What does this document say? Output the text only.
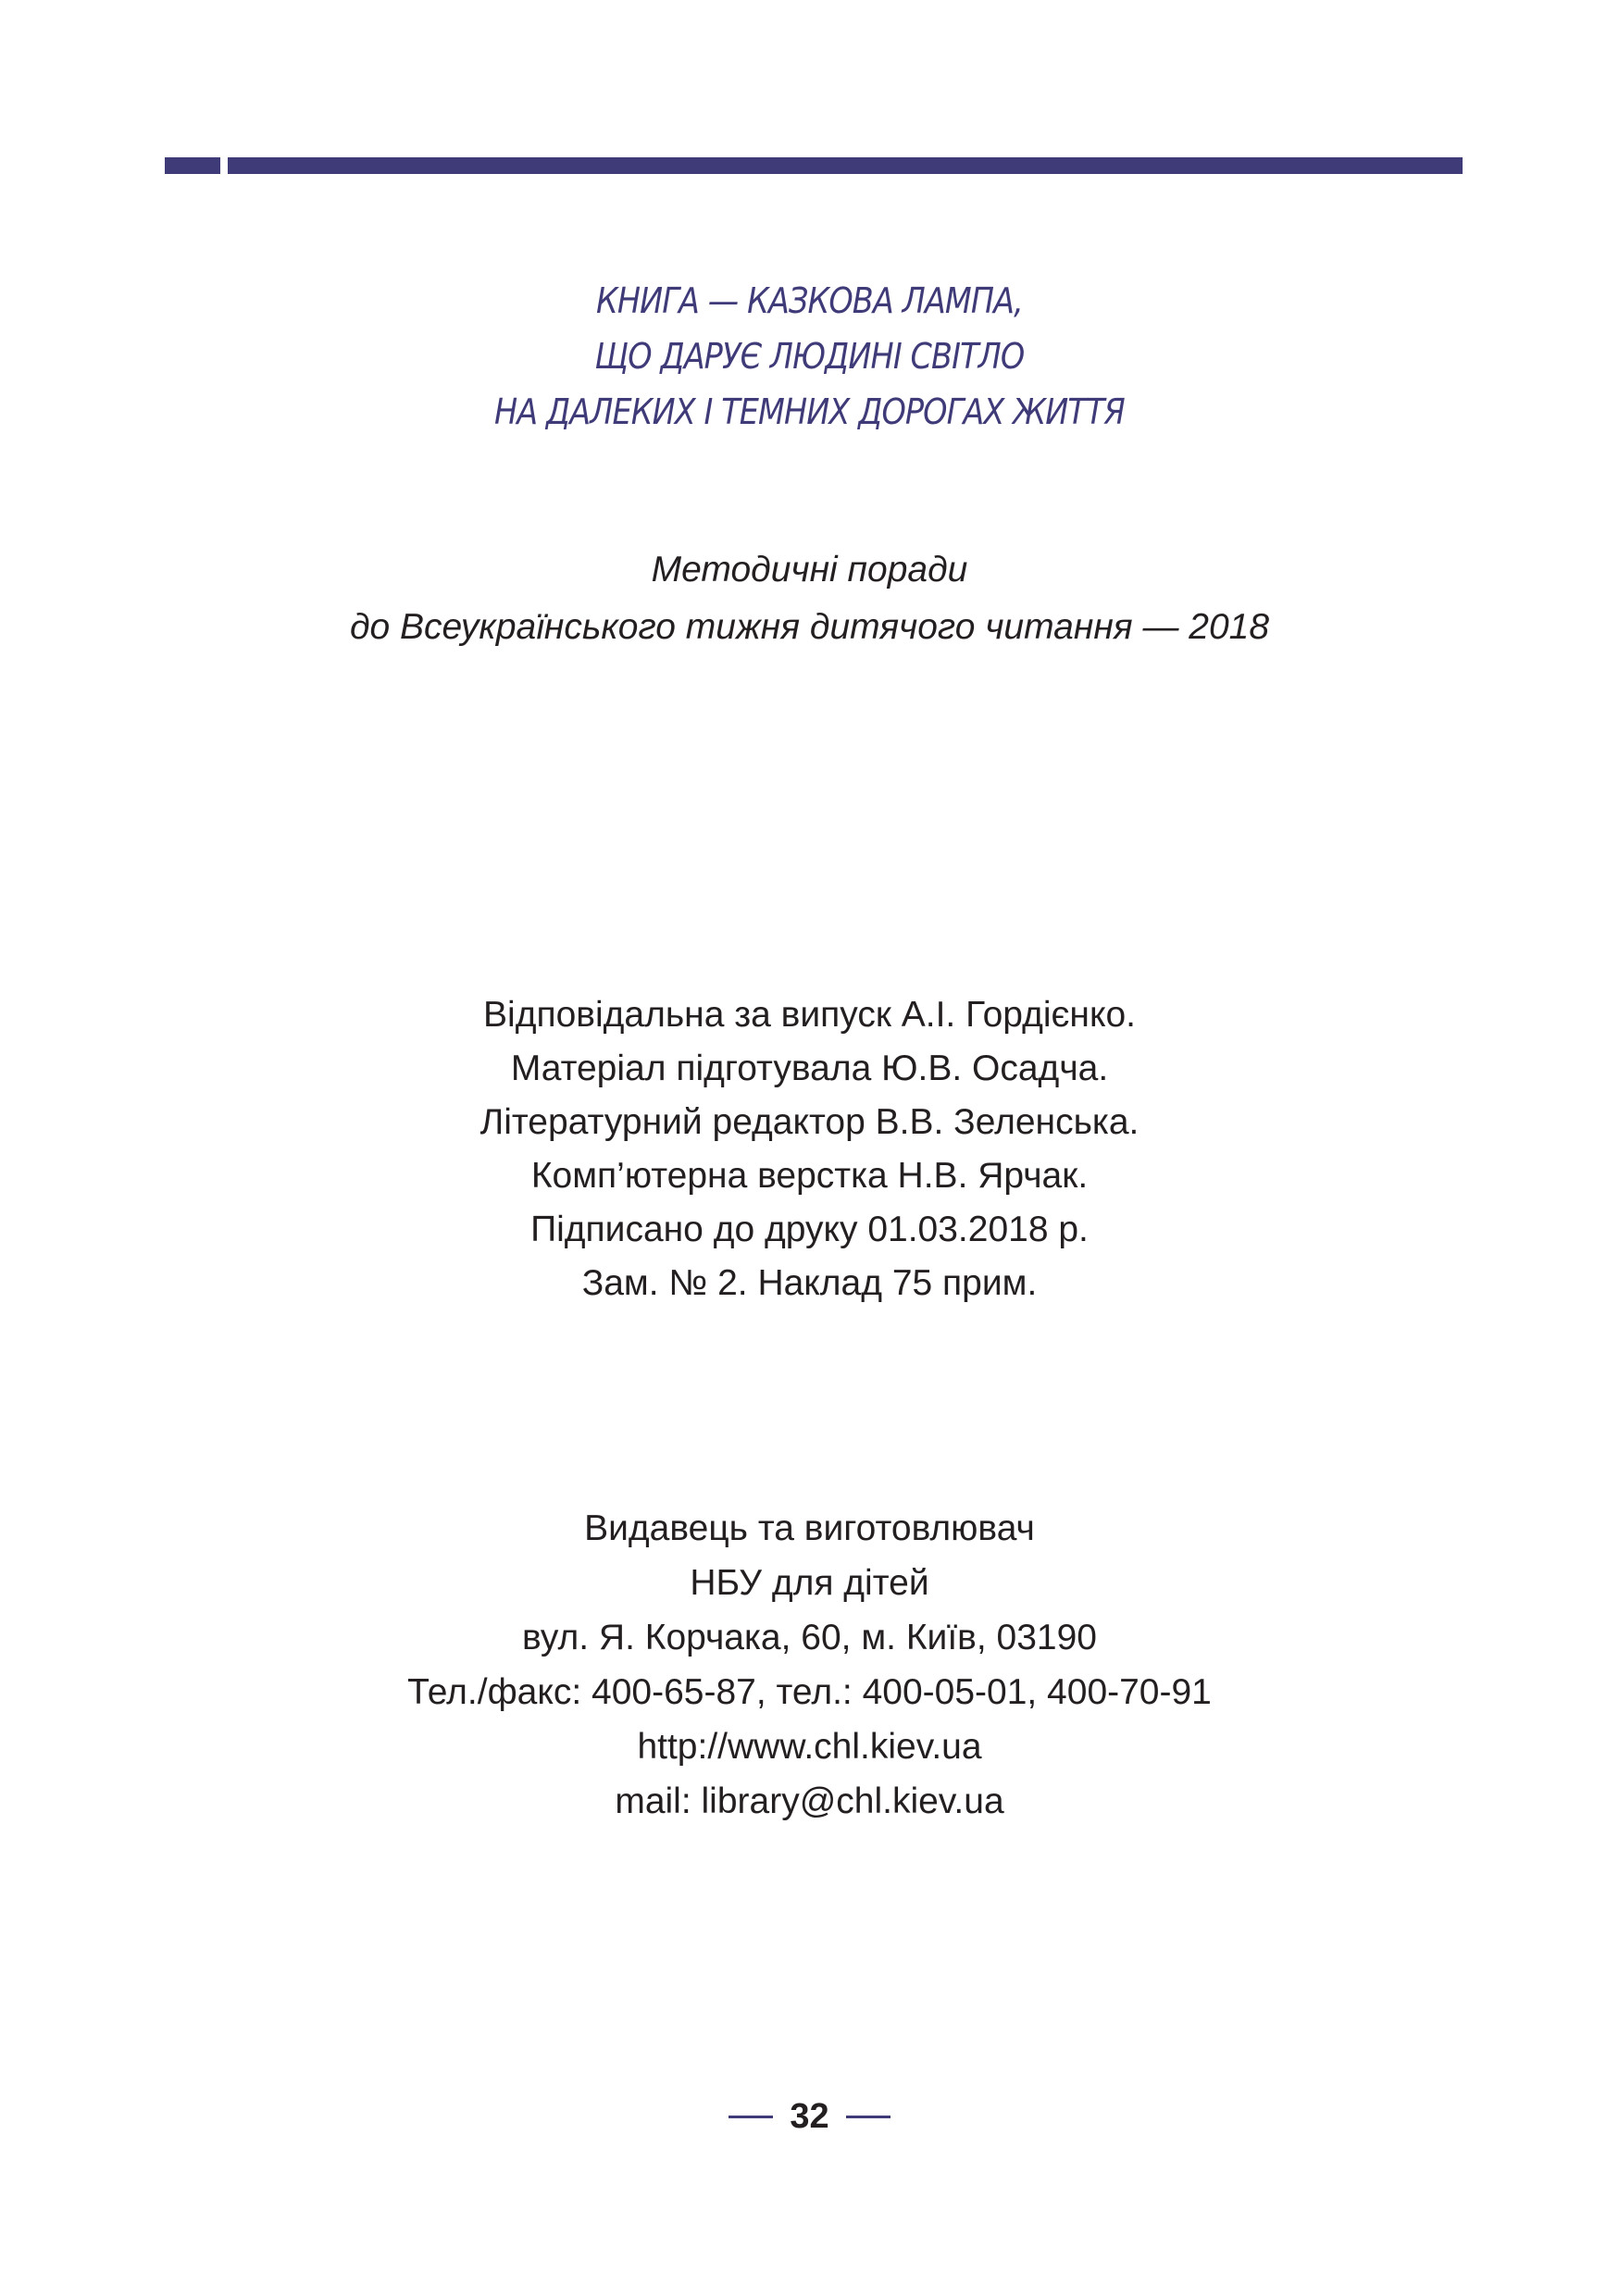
КНИГА — КАЗКОВА ЛАМПА,
ЩО ДАРУЄ ЛЮДИНІ СВІТЛО
НА ДАЛЕКИХ І ТЕМНИХ ДОРОГАХ ЖИТТЯ
Методичні поради
до Всеукраїнського тижня дитячого читання — 2018
Відповідальна за випуск А.І. Гордієнко.
Матеріал підготувала Ю.В. Осадча.
Літературний редактор В.В. Зеленська.
Комп’ютерна верстка Н.В. Ярчак.
Підписано до друку 01.03.2018 р.
Зам. № 2. Наклад 75 прим.
Видавець та виготовлювач
НБУ для дітей
вул. Я. Корчака, 60, м. Київ, 03190
Тел./факс: 400-65-87, тел.: 400-05-01, 400-70-91
http://www.chl.kiev.ua
mail: library@chl.kiev.ua
32
